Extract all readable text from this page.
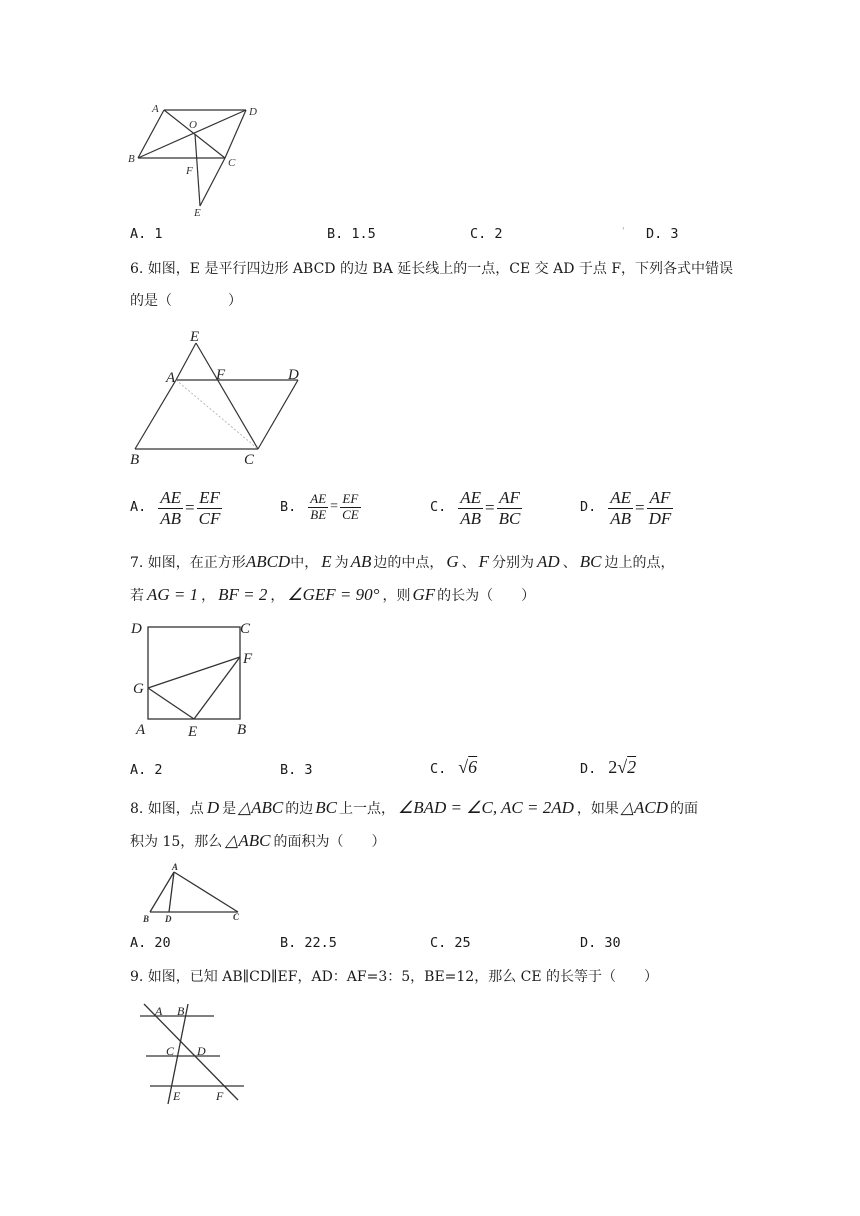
A	D
O
B	C
F
E
A. 1	B. 1.5	C. 2	' D. 3
6. 如图，E 是平行四边形 ABCD 的边 BA 延长线上的一点，CE 交 AD 于点 F，下列各式中错误
的是（　　　　）
E
A	F	D
B	C
A. $\frac{AE}{AB} = \frac{EF}{CF}$	B. $\frac{AE}{BE} = \frac{EF}{CE}$	C. $\frac{AE}{AB} = \frac{AF}{BC}$	D. $\frac{AE}{AB} = \frac{AF}{DF}$
7. 如图，在正方形ABCD中， E 为 AB 边的中点， G 、 F 分别为 AD 、 BC 边上的点，
若 AG = 1 ， BF = 2 ， ∠GEF = 90° ，则 GF 的长为（　　）
D	C
F
G
A	E	B
A. 2	B. 3	C. √6	D. 2√2
8. 如图，点 D 是 △ABC 的边 BC 上一点， ∠BAD = ∠C, AC = 2AD ，如果 △ACD 的面
积为 15，那么 △ABC 的面积为（　　）
A
B D	C
A. 20	B. 22.5	C. 25	D. 30
9. 如图，已知 AB∥CD∥EF，AD：AF=3：5，BE=12，那么 CE 的长等于（　　）
A B
C D
E	F
